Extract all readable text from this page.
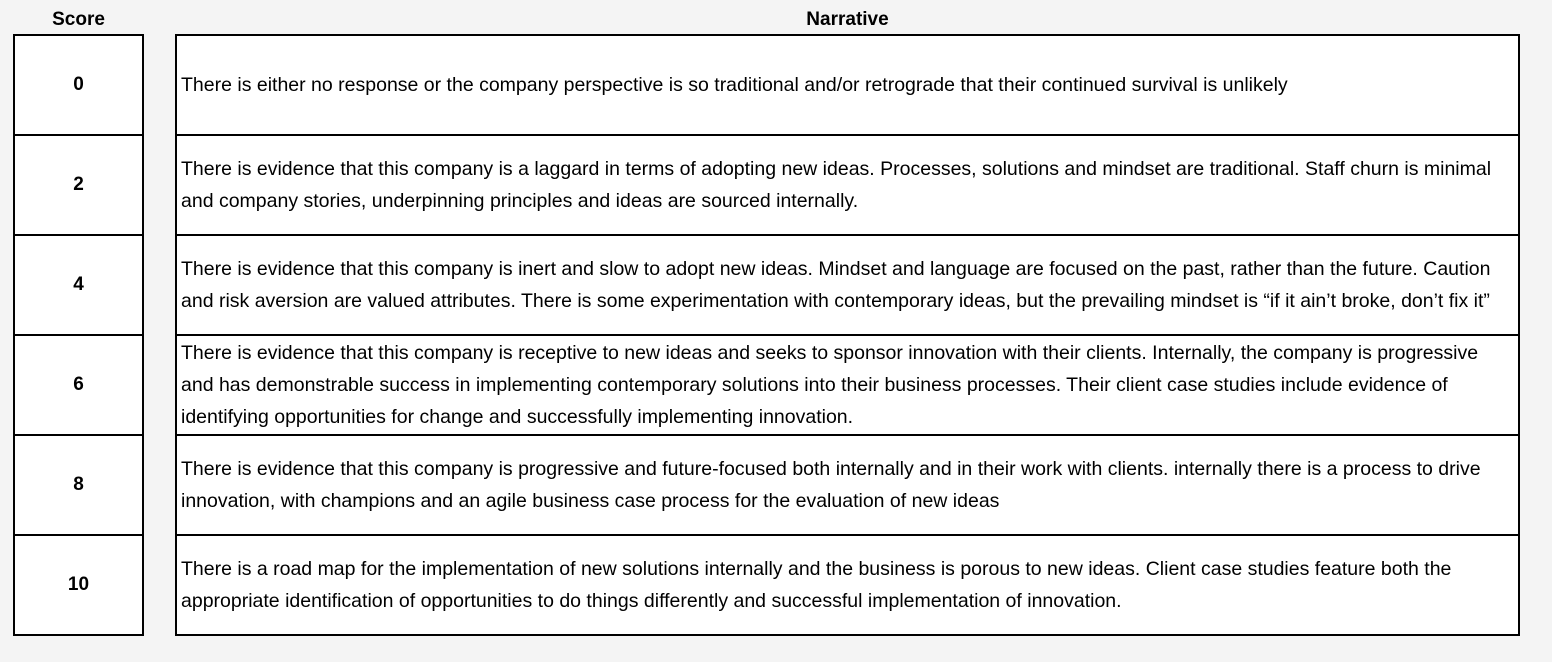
Score	Narrative
0
2
4
6
8
10
There is either no response or the company perspective is so traditional and/or retrograde that their continued survival is unlikely
There is evidence that this company is a laggard in terms of adopting new ideas. Processes, solutions and mindset are traditional. Staff churn is minimal and company stories, underpinning principles and ideas are sourced internally.
There is evidence that this company is inert and slow to adopt new ideas. Mindset and language are focused on the past, rather than the future. Caution and risk aversion are valued attributes. There is some experimentation with contemporary ideas, but the prevailing mindset is “if it ain’t broke, don’t fix it”
There is evidence that this company is receptive to new ideas and seeks to sponsor innovation with their clients. Internally, the company is progressive and has demonstrable success in implementing contemporary solutions into their business processes. Their client case studies include evidence of identifying opportunities for change and successfully implementing innovation.
There is evidence that this company is progressive and future-focused both internally and in their work with clients. internally there is a process to drive innovation, with champions and an agile business case process for the evaluation of new ideas
There is a road map for the implementation of new solutions internally and the business is porous to new ideas. Client case studies feature both the appropriate identification of opportunities to do things differently and successful implementation of innovation.
